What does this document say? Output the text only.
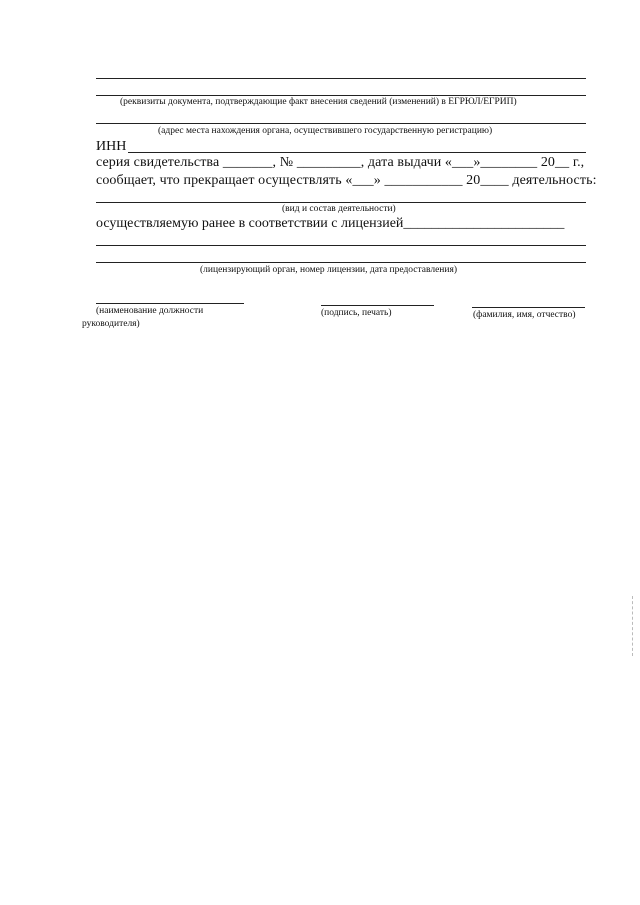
(реквизиты документа, подтверждающие факт внесения сведений (изменений) в ЕГРЮЛ/ЕГРИП)
(адрес места нахождения органа, осуществившего государственную регистрацию)
ИНН
серия свидетельства _______, № _________, дата выдачи «___»________ 20__ г.,
сообщает, что прекращает осуществлять «___» ___________ 20____ деятельность:
(вид и состав деятельности)
осуществляемую ранее в соответствии с лицензией_______________________
(лицензирующий орган, номер лицензии, дата предоставления)
(наименование должности
руководителя)
(подпись, печать)	(фамилия, имя, отчество)
